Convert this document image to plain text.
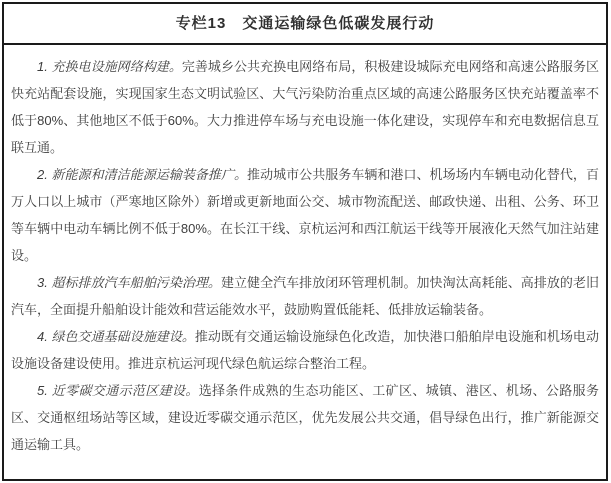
专栏13　交通运输绿色低碳发展行动

1. 充换电设施网络构建。完善城乡公共充换电网络布局，积极建设城际充电网络和高速公路服务区快充站配套设施，实现国家生态文明试验区、大气污染防治重点区域的高速公路服务区快充站覆盖率不低于80%、其他地区不低于60%。大力推进停车场与充电设施一体化建设，实现停车和充电数据信息互联互通。

2. 新能源和清洁能源运输装备推广。推动城市公共服务车辆和港口、机场场内车辆电动化替代，百万人口以上城市（严寒地区除外）新增或更新地面公交、城市物流配送、邮政快递、出租、公务、环卫等车辆中电动车辆比例不低于80%。在长江干线、京杭运河和西江航运干线等开展液化天然气加注站建设。

3. 超标排放汽车船舶污染治理。建立健全汽车排放闭环管理机制。加快淘汰高耗能、高排放的老旧汽车，全面提升船舶设计能效和营运能效水平，鼓励购置低能耗、低排放运输装备。

4. 绿色交通基础设施建设。推动既有交通运输设施绿色化改造，加快港口船舶岸电设施和机场电动设施设备建设使用。推进京杭运河现代绿色航运综合整治工程。

5. 近零碳交通示范区建设。选择条件成熟的生态功能区、工矿区、城镇、港区、机场、公路服务区、交通枢纽场站等区域，建设近零碳交通示范区，优先发展公共交通，倡导绿色出行，推广新能源交通运输工具。
